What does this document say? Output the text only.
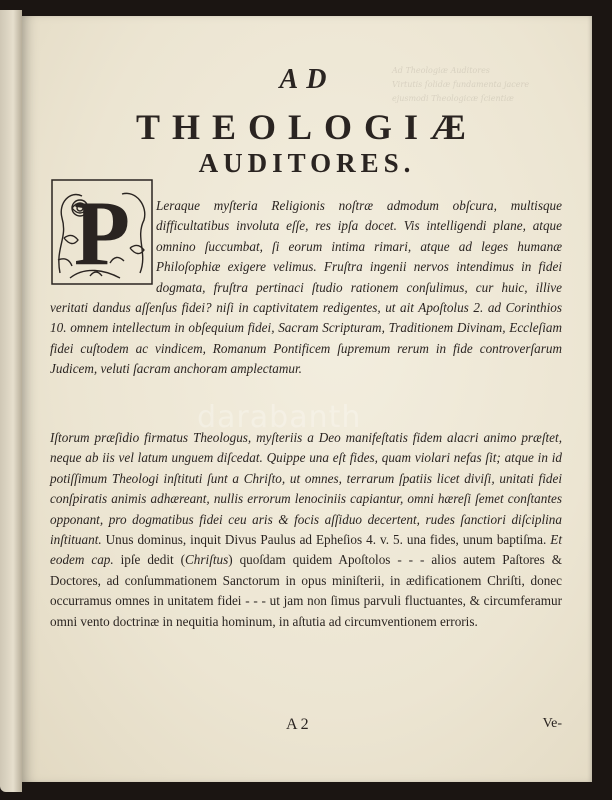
Ad Theologiæ Auditores
Virtutis ſolidæ fundamenta jacere
ejusmodi Theologicæ ſcientiæ
AD
THEOLOGIÆ
AUDITORES.
P	Leraque myſteria Religionis noſtræ admodum obſcura, multisque difficultatibus involuta eſſe, res ipſa docet. Vis intelligendi plane, atque omnino ſuccumbat, ſi eorum intima rimari, atque ad leges humanæ Philoſophiæ exigere velimus. Fruſtra ingenii nervos intendimus in fidei dogmata, fruſtra pertinaci ſtudio rationem conſulimus, cur huic, illive veritati dandus aſſenſus fidei? niſi in captivitatem redigentes, ut ait Apoſtolus 2. ad Corinthios 10. omnem intellectum in obſequium fidei, Sacram Scripturam, Traditionem Divinam, Eccleſiam fidei cuſtodem ac vindicem, Romanum Pontificem ſupremum rerum in fide controverſarum Judicem, veluti ſacram anchoram amplectamur.
Iſtorum præſidio firmatus Theologus, myſteriis a Deo manifeſtatis fidem alacri animo præſtet, neque ab iis vel latum unguem diſcedat. Quippe una eſt fides, quam violari nefas ſit; atque in id potiſſimum Theologi inſtituti ſunt a Chriſto, ut omnes, terrarum ſpatiis licet diviſi, unitati fidei conſpiratis animis adhæreant, nullis errorum lenociniis capiantur, omni hæreſi ſemet conſtantes opponant, pro dogmatibus fidei ceu aris & focis aſſiduo decertent, rudes ſanctiori diſciplina inſtituant. Unus dominus, inquit Divus Paulus ad Epheſios 4. v. 5. una fides, unum baptiſma. Et eodem cap. ipſe dedit (Chriſtus) quoſdam quidem Apoſtolos - - - alios autem Paſtores & Doctores, ad conſummationem Sanctorum in opus miniſterii, in ædificationem Chriſti, donec occurramus omnes in unitatem fidei - - - ut jam non ſimus parvuli fluctuantes, & circumferamur omni vento doctrinæ in nequitia hominum, in aſtutia ad circumventionem erroris.
A 2	Ve-
darabanth
